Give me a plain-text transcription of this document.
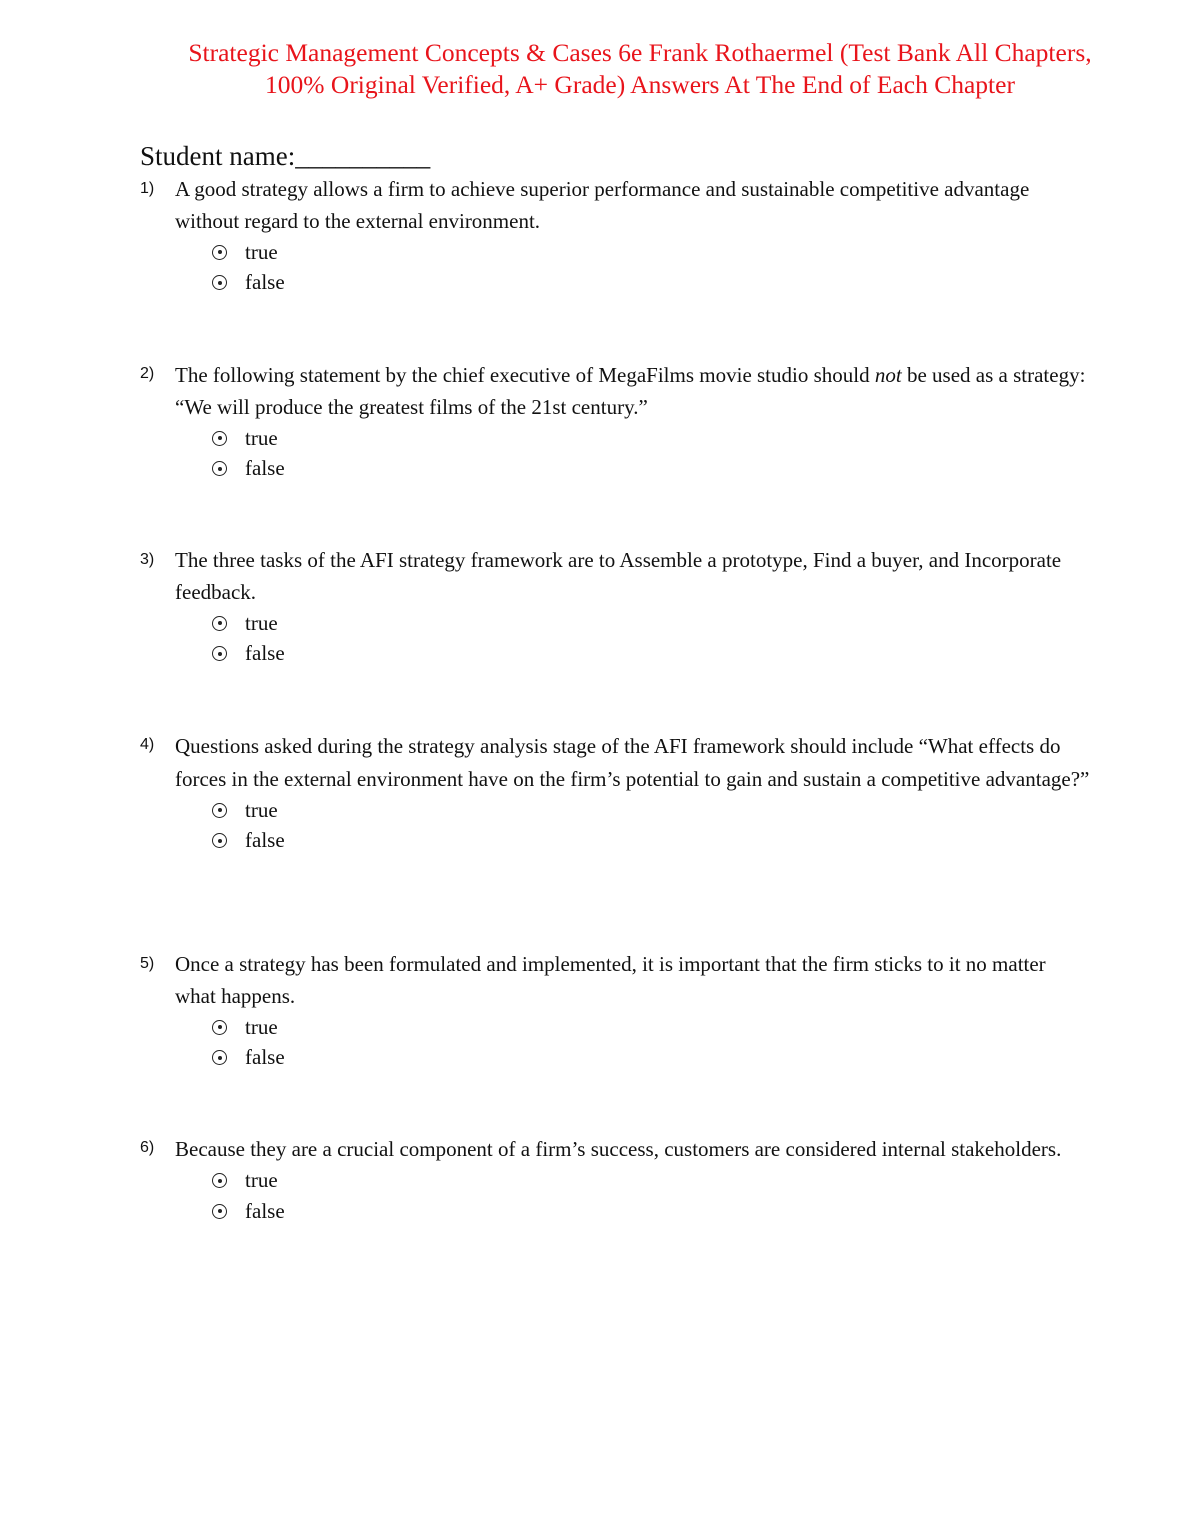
Strategic Management Concepts & Cases 6e Frank Rothaermel (Test Bank All Chapters,
100% Original Verified, A+ Grade) Answers At The End of Each Chapter
Student name:__________
1) A good strategy allows a firm to achieve superior performance and sustainable competitive advantage without regard to the external environment.
true
false
2) The following statement by the chief executive of MegaFilms movie studio should not be used as a strategy: “We will produce the greatest films of the 21st century.”
true
false
3) The three tasks of the AFI strategy framework are to Assemble a prototype, Find a buyer, and Incorporate feedback.
true
false
4) Questions asked during the strategy analysis stage of the AFI framework should include “What effects do forces in the external environment have on the firm’s potential to gain and sustain a competitive advantage?”
true
false
5) Once a strategy has been formulated and implemented, it is important that the firm sticks to it no matter what happens.
true
false
6) Because they are a crucial component of a firm’s success, customers are considered internal stakeholders.
true
false
